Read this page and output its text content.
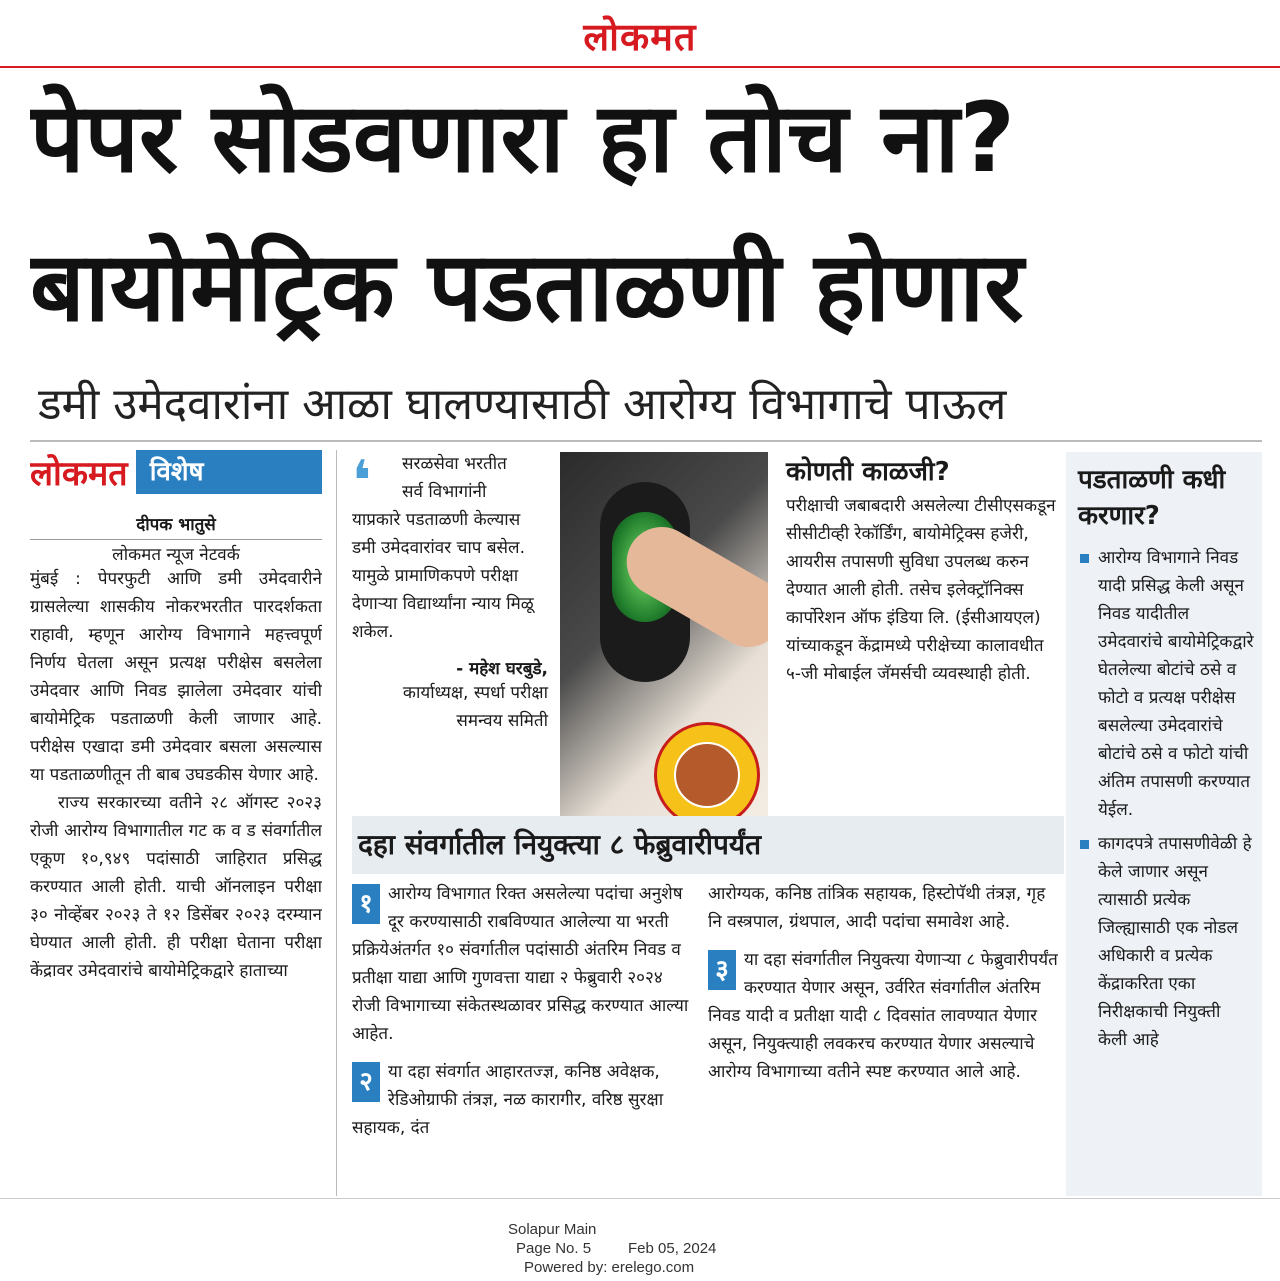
लोकमत
पेपर सोडवणारा हा तोच ना?
बायोमेट्रिक पडताळणी होणार
डमी उमेदवारांना आळा घालण्यासाठी आरोग्य विभागाचे पाऊल
लोकमत विशेष
दीपक भातुसे
लोकमत न्यूज नेटवर्क

मुंबई : पेपरफुटी आणि डमी उमेदवारीने ग्रासलेल्या शासकीय नोकरभरतीत पारदर्शकता राहावी, म्हणून आरोग्य विभागाने महत्त्वपूर्ण निर्णय घेतला असून प्रत्यक्ष परीक्षेस बसलेला उमेदवार आणि निवड झालेला उमेदवार यांची बायोमेट्रिक पडताळणी केली जाणार आहे. परीक्षेस एखादा डमी उमेदवार बसला असल्यास या पडताळणीतून ती बाब उघडकीस येणार आहे.

राज्य सरकारच्या वतीने २८ ऑगस्ट २०२३ रोजी आरोग्य विभागातील गट क व ड संवर्गातील एकूण १०,९४९ पदांसाठी जाहिरात प्रसिद्ध करण्यात आली होती. याची ऑनलाइन परीक्षा ३० नोव्हेंबर २०२३ ते १२ डिसेंबर २०२३ दरम्यान घेण्यात आली होती. ही परीक्षा घेताना परीक्षा केंद्रावर उमेदवारांचे बायोमेट्रिकद्वारे हाताच्या

❛	सरळसेवा भरतीत
सर्व विभागांनी
याप्रकारे पडताळणी केल्यास डमी उमेदवारांवर चाप बसेल. यामुळे प्रामाणिकपणे परीक्षा देणाऱ्या विद्यार्थ्यांना न्याय मिळू शकेल.
- महेश घरबुडे,
कार्याध्यक्ष, स्पर्धा परीक्षा
समन्वय समिती
कोणती काळजी?
परीक्षाची जबाबदारी असलेल्या टीसीएसकडून सीसीटीव्ही रेकॉर्डिंग, बायोमेट्रिक्स हजेरी, आयरीस तपासणी सुविधा उपलब्ध करुन देण्यात आली होती. तसेच इलेक्ट्रॉनिक्स कार्पोरेशन ऑफ इंडिया लि. (ईसीआयएल) यांच्याकडून केंद्रामध्ये परीक्षेच्या कालावधीत ५-जी मोबाईल जॅमर्सची व्यवस्थाही होती.
पडताळणी कधी करणार?
आरोग्य विभागाने निवड यादी प्रसिद्ध केली असून निवड यादीतील उमेदवारांचे बायोमेट्रिकद्वारे घेतलेल्या बोटांचे ठसे व फोटो व प्रत्यक्ष परीक्षेस बसलेल्या उमेदवारांचे बोटांचे ठसे व फोटो यांची अंतिम तपासणी करण्यात येईल.
कागदपत्रे तपासणीवेळी हे केले जाणार असून त्यासाठी प्रत्येक जिल्ह्यासाठी एक नोडल अधिकारी व प्रत्येक केंद्राकरिता एका निरीक्षकाची नियुक्ती केली आहे
दहा संवर्गातील नियुक्त्या ८ फेब्रुवारीपर्यंत
१ आरोग्य विभागात रिक्त असलेल्या पदांचा अनुशेष दूर करण्यासाठी राबविण्यात आलेल्या या भरती प्रक्रियेअंतर्गत १० संवर्गातील पदांसाठी अंतरिम निवड व प्रतीक्षा याद्या आणि गुणवत्ता याद्या २ फेब्रुवारी २०२४ रोजी विभागाच्या संकेतस्थळावर प्रसिद्ध करण्यात आल्या आहेत.
२ या दहा संवर्गात आहारतज्ज्ञ, कनिष्ठ अवेक्षक, रेडिओग्राफी तंत्रज्ञ, नळ कारागीर, वरिष्ठ सुरक्षा सहायक, दंत
आरोग्यक, कनिष्ठ तांत्रिक सहायक, हिस्टोपॅथी तंत्रज्ञ, गृह नि वस्त्रपाल, ग्रंथपाल, आदी पदांचा समावेश आहे.
३ या दहा संवर्गातील नियुक्त्या येणाऱ्या ८ फेब्रुवारीपर्यंत करण्यात येणार असून, उर्वरित संवर्गातील अंतरिम निवड यादी व प्रतीक्षा यादी ८ दिवसांत लावण्यात येणार असून, नियुक्त्याही लवकरच करण्यात येणार असल्याचे आरोग्य विभागाच्या वतीने स्पष्ट करण्यात आले आहे.
Solapur Main
Page No. 5 Feb 05, 2024
Powered by: erelego.com
